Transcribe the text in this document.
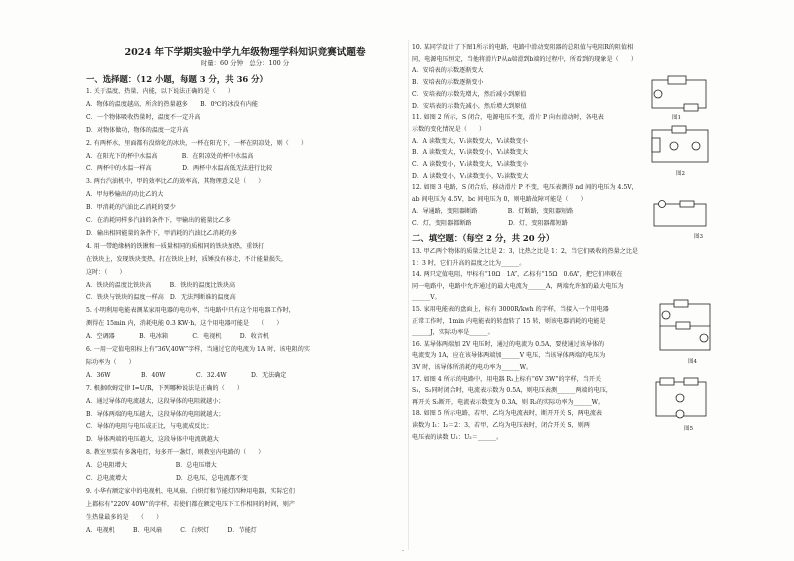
2024 年下学期实验中学九年级物理学科知识竞赛试题卷
时量：60 分钟　总分：100 分
一、选择题：（12 小题，每题 3 分，共 36 分）
1. 关于温度、热量、内能，以下说法正确的是（　　）
A．物体的温度越高，所含的热量越多　　B．0℃的冰没有内能
C．一个物体吸收热量时，温度不一定升高
D．对物体做功，物体的温度一定升高
2. 有两杯水，里面都有没熔化的冰块，一杯在阳光下，一杯在阴凉处，则（　　）
A．在阳光下的杯中水温高　　　　B．在阴凉处的杯中水温高
C．两杯中的水温一样高　　　　　D．两杯中水温高低无法进行比较
3. 两台汽油机中，甲的效率比乙的效率高，其物理意义是（　　）
A．甲每秒输出的功比乙的大
B．甲消耗的汽油比乙消耗的要少
C．在消耗同样多汽油的条件下，甲输出的能量比乙多
D．输出相同能量的条件下，甲消耗的汽油比乙消耗的多
4. 用一带绝缘柄的铁锹和一质量相同的质相同的铁块加热，重铁打
在铁块上，发现铁块变热，打在铁块上时，质锤没有移走，不计能量损失，
这时：（　　）
A．铁块的温度比铁块高　　　B．铁块的温度比铁块高
C．铁块与铁块的温度一样高　D．无法判断谁的温度高
5. 小明利用电能表测某家用电器的电功率，当电路中只有这个用电器工作时，
测得在 15min 内，消耗电能 0.3 KW·h，这个用电器可能是　　（　　）
A．空调器　　　　B．电冰箱　　　　C．电视机　　　D．收音机
6. 一用一定值电阻标上有“36V,40W”字样，当通过它的电流为 1A 时，该电阻的实
际功率为（　　）
A．36W　　　　　B．40W　　　　　C．32.4W　　　　D．无法确定
7. 根据欧姆定律 I=U/R，下列哪种说法是正确的（　　）
A．通过导体的电流越大，这段导体的电阻就越小；
B．导体两端的电压越大，这段导体的电阻就越大；
C．导体的电阻与电压成正比，与电流成反比；
D．导体两端的电压越大，这段导体中电流就越大
8. 教室里装有多盏电灯，每多开一盏灯，则教室内电路的（　　）
A．总电阻增大　　　　　　　　B．总电压增大
C．总电流增大　　　　　　　　D．总电压、总电流都不变
9. 小华有额定家中的电视机、电风扇、白炽灯和节能灯四种用电器，实际它们
上都标有“220V 40W”的字样，若使们都在额定电压下工作相同的时间，则产
生热量最多的是　　（　　）
A．电视机　　　B．电风扇　　　C．白炽灯　　　D．节能灯
10. 某同学设计了下图1所示的电路，电路中滑动变阻器的总阻值与电阻R的阻值相
同，电源电压恒定，当他将滑片P从a端滑到b端的过程中，所看到的现象是（　　）
A．安培表的示数逐渐变大
B．安培表的示数逐渐变小
C．安培表的示数先增大，然后减小到原值
D．安培表的示数先减小，然后增大到原值
11. 如图 2 所示，S 闭合，电源电压不变，滑片 P 向右滑动时，各电表
示数的变化情况是（　　）
A．A 读数变大，V₁读数变大，V₂读数变小
B．A 读数变大，V₁读数变小，V₂读数变大
C．A 读数变小，V₁读数变大，V₂读数变小
D．A 读数变小，V₁读数变小，V₂读数变大
12. 如图 3 电路，S 闭合后，移动滑片 P 不变，电压表测得 nd 间的电压为 4.5V，
ab 间电压为 4.5V，bc 间电压为 0，则电路故障可能是（　　）
A．导通路，变阻器断路　　　　　B．灯断路，变阻器短路
C．灯，变阻器都断路　　　　　　D．灯，变阻器都短路
二、填空题：（每空 2 分，共 20 分）
13. 甲乙两个物体的质量之比是 2：3，比热之比是 1：2，当它们吸收的热量之比是
1：3 时，它们升高的温度之比为______。
14. 两只定值电阻，甲标有“10Ω　1A”，乙标有“15Ω　0.6A”，把它们串联在
同一电路中，电路中允许通过的最大电流为______A，两端允许加的最大电压为
______V。
15. 家用电能表的盘面上，标有 3000R/kwh 的字样，当接入一个用电器
正常工作时，1min 内电能表的转盘转了 15 转，则该电器消耗的电能是
______J，实际功率是______。
16. 某导体两端加 2V 电压时，通过的电流为 0.5A，要使通过该导体的
电流变为 1A，应在该导体两端加______V 电压，当该导体两端的电压为
3V 时，该导体所消耗的电功率为______W。
17. 如图 4 所示的电路中，用电器 R₁上标有“6V 3W”的字样，当开关
S₁，S₂同时闭合时，电流表示数为 0.5A，则电压表测______两端的电压，
再开关 S₂断开，电流表示数变为 0.3A，则 R₂的实际功率为______W。
18. 如图 5 所示电路，若甲、乙均为电流表时，断开开关 S，两电流表
读数为 I₁：I₂＝2：3，若甲、乙均为电压表时，闭合开关 S，则两
电压表的读数 U₁：U₂＝______。
图1
图2
图3
图4
图5
·
